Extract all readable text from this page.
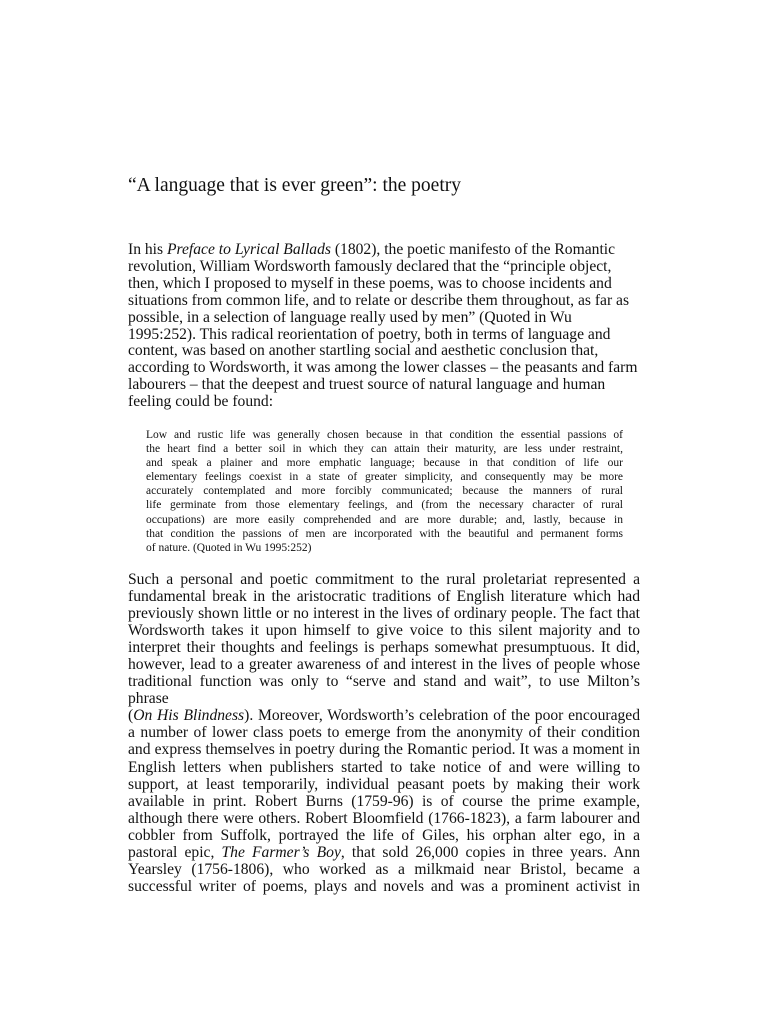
“A language that is ever green”: the poetry

In his Preface to Lyrical Ballads (1802), the poetic manifesto of the Romantic
revolution, William Wordsworth famously declared that the “principle object,
then, which I proposed to myself in these poems, was to choose incidents and
situations from common life, and to relate or describe them throughout, as far as
possible, in a selection of language really used by men” (Quoted in Wu
1995:252). This radical reorientation of poetry, both in terms of language and
content, was based on another startling social and aesthetic conclusion that,
according to Wordsworth, it was among the lower classes – the peasants and farm
labourers – that the deepest and truest source of natural language and human
feeling could be found:

Low and rustic life was generally chosen because in that condition the essential passions of
the heart find a better soil in which they can attain their maturity, are less under restraint,
and speak a plainer and more emphatic language; because in that condition of life our
elementary feelings coexist in a state of greater simplicity, and consequently may be more
accurately contemplated and more forcibly communicated; because the manners of rural
life germinate from those elementary feelings, and (from the necessary character of rural
occupations) are more easily comprehended and are more durable; and, lastly, because in
that condition the passions of men are incorporated with the beautiful and permanent forms
of nature. (Quoted in Wu 1995:252)

Such a personal and poetic commitment to the rural proletariat represented a
fundamental break in the aristocratic traditions of English literature which had
previously shown little or no interest in the lives of ordinary people. The fact that
Wordsworth takes it upon himself to give voice to this silent majority and to
interpret their thoughts and feelings is perhaps somewhat presumptuous. It did,
however, lead to a greater awareness of and interest in the lives of people whose
traditional function was only to “serve and stand and wait”, to use Milton’s phrase
(On His Blindness). Moreover, Wordsworth’s celebration of the poor encouraged
a number of lower class poets to emerge from the anonymity of their condition
and express themselves in poetry during the Romantic period. It was a moment in
English letters when publishers started to take notice of and were willing to
support, at least temporarily, individual peasant poets by making their work
available in print. Robert Burns (1759-96) is of course the prime example,
although there were others. Robert Bloomfield (1766-1823), a farm labourer and
cobbler from Suffolk, portrayed the life of Giles, his orphan alter ego, in a
pastoral epic, The Farmer’s Boy, that sold 26,000 copies in three years. Ann
Yearsley (1756-1806), who worked as a milkmaid near Bristol, became a
successful writer of poems, plays and novels and was a prominent activist in
